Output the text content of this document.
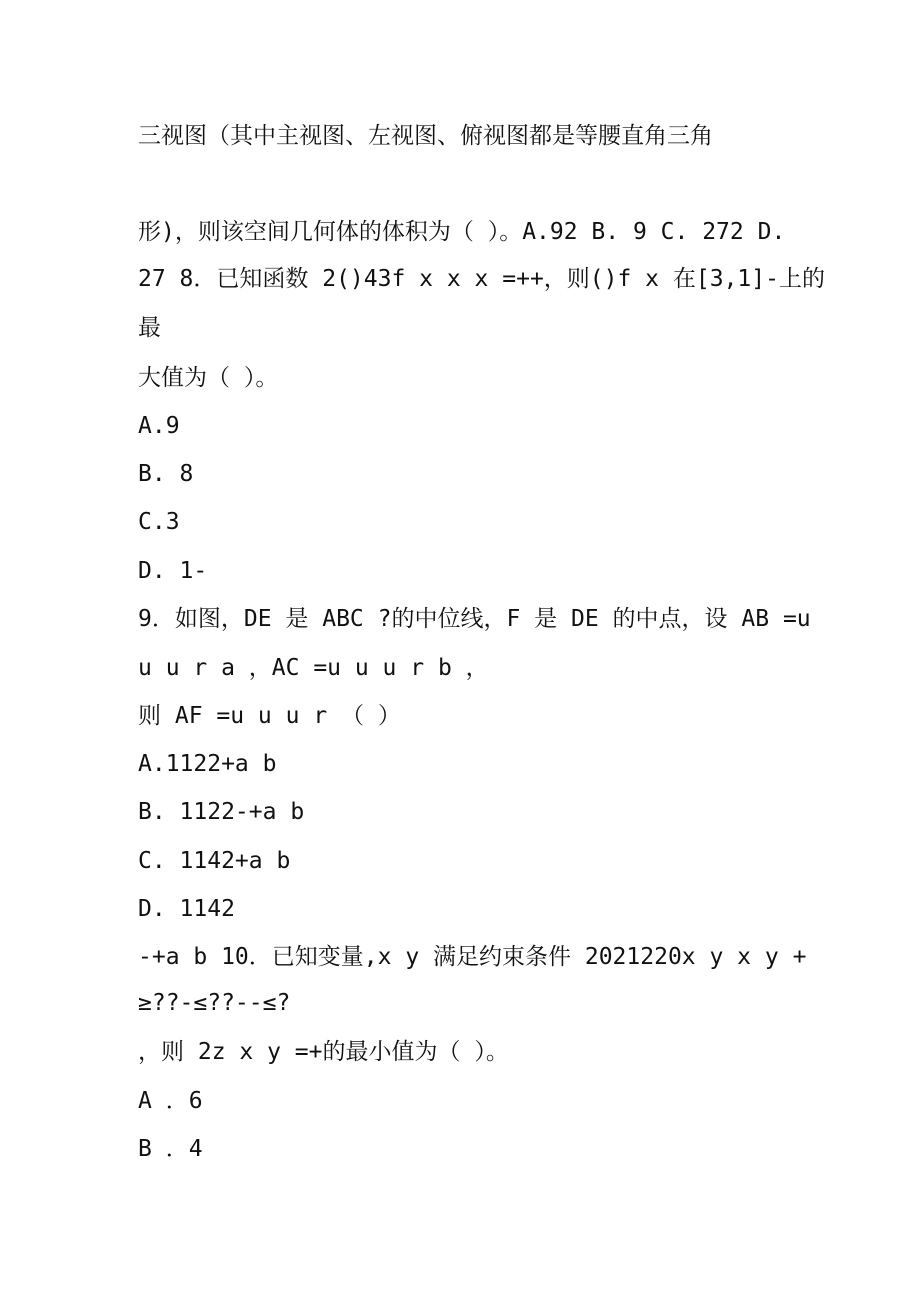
三视图（其中主视图、左视图、俯视图都是等腰直角三角
形)，则该空间几何体的体积为（ ）。A.92 B. 9 C. 272 D.
27 8．已知函数 2()43f x x x =++，则()f x 在[3,1]-上的
最
大值为（ ）。
A.9
B. 8
C.3
D. 1-
9．如图，DE 是 ABC ?的中位线，F 是 DE 的中点，设 AB =u
u u r a ，AC =u u u r b ，
则 AF =u u u r （ ）
A.1122+a b
B. 1122-+a b
C. 1142+a b
D. 1142
-+a b 10．已知变量,x y 满足约束条件 2021220x y x y +
≥??-≤??--≤?
，则 2z x y =+的最小值为（ ）。
A ．6
B ．4
